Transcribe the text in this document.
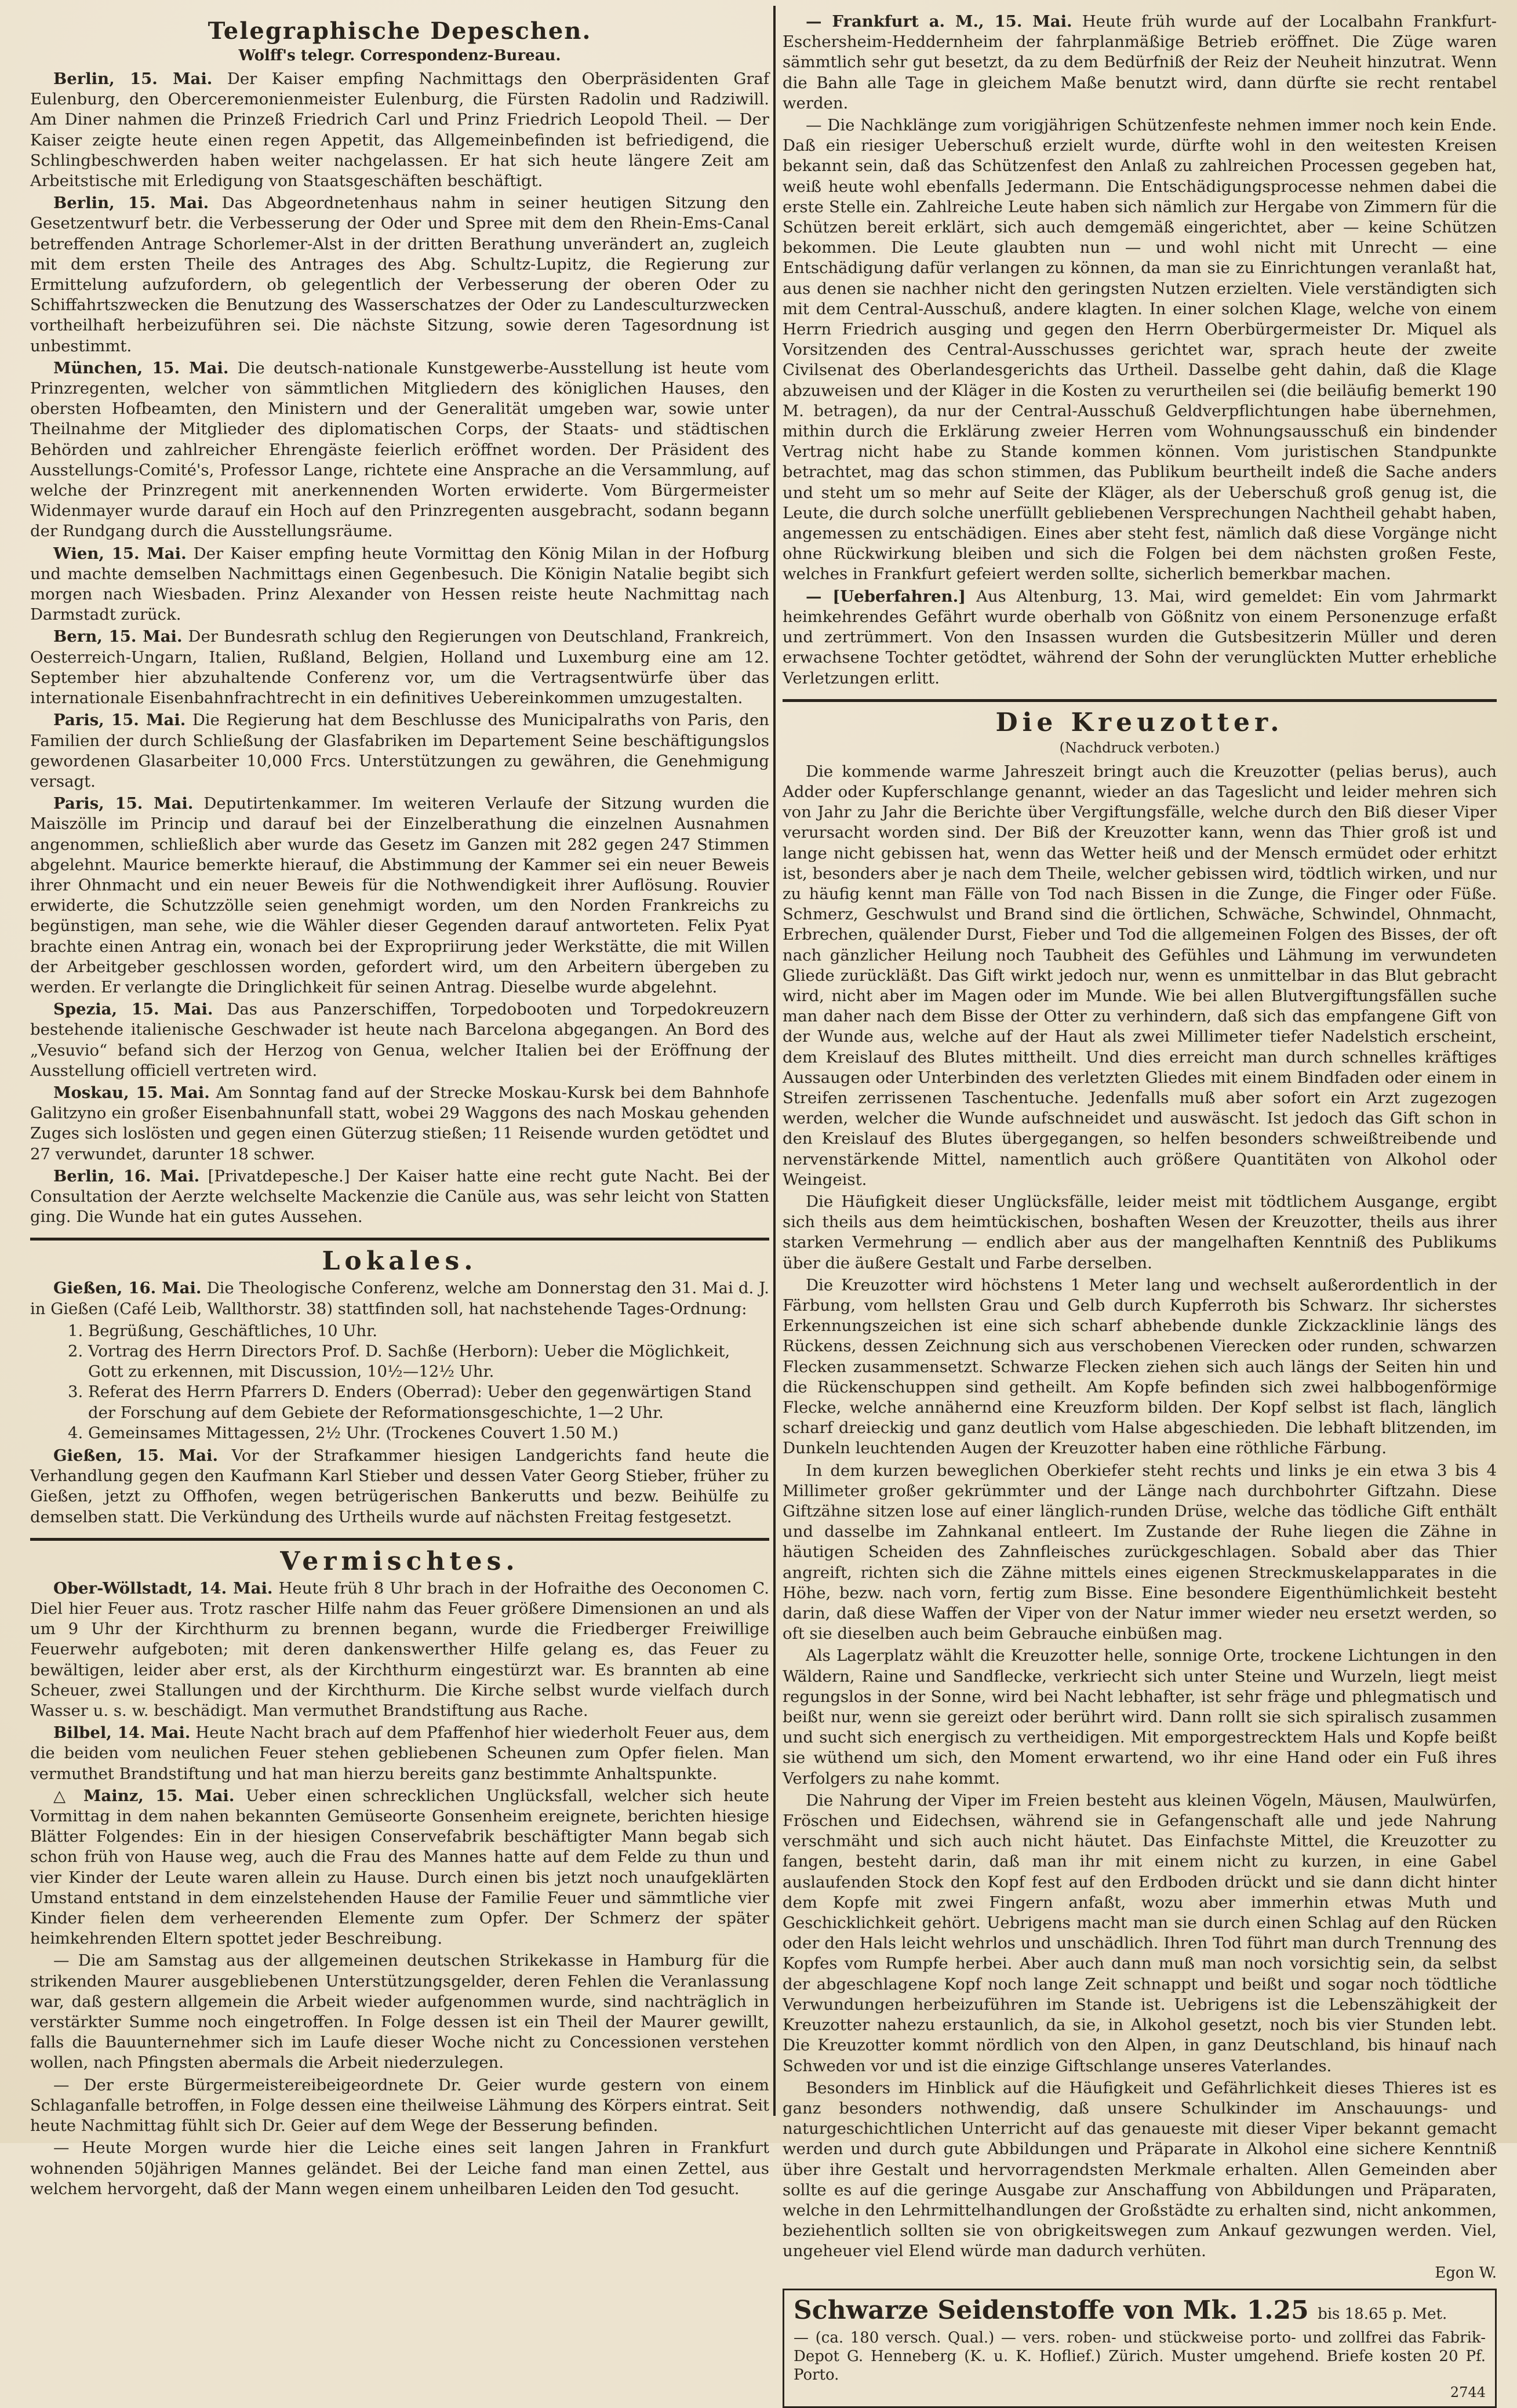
Telegraphische Depeschen.
Wolff's telegr. Correspondenz-Bureau.

Berlin, 15. Mai. Der Kaiser empfing Nachmittags den Oberpräsidenten Graf Eulenburg, den Oberceremonienmeister Eulenburg, die Fürsten Radolin und Radziwill. Am Diner nahmen die Prinzeß Friedrich Carl und Prinz Friedrich Leopold Theil. — Der Kaiser zeigte heute einen regen Appetit, das Allgemeinbefinden ist befriedigend, die Schlingbeschwerden haben weiter nachgelassen. Er hat sich heute längere Zeit am Arbeitstische mit Erledigung von Staatsgeschäften beschäftigt.

Berlin, 15. Mai. Das Abgeordnetenhaus nahm in seiner heutigen Sitzung den Gesetzentwurf betr. die Verbesserung der Oder und Spree mit dem den Rhein-Ems-Canal betreffenden Antrage Schorlemer-Alst in der dritten Berathung unverändert an, zugleich mit dem ersten Theile des Antrages des Abg. Schultz-Lupitz, die Regierung zur Ermittelung aufzufordern, ob gelegentlich der Verbesserung der oberen Oder zu Schiffahrtszwecken die Benutzung des Wasserschatzes der Oder zu Landesculturzwecken vortheilhaft herbeizuführen sei. Die nächste Sitzung, sowie deren Tagesordnung ist unbestimmt.

München, 15. Mai. Die deutsch-nationale Kunstgewerbe-Ausstellung ist heute vom Prinzregenten, welcher von sämmtlichen Mitgliedern des königlichen Hauses, den obersten Hofbeamten, den Ministern und der Generalität umgeben war, sowie unter Theilnahme der Mitglieder des diplomatischen Corps, der Staats- und städtischen Behörden und zahlreicher Ehrengäste feierlich eröffnet worden. Der Präsident des Ausstellungs-Comité's, Professor Lange, richtete eine Ansprache an die Versammlung, auf welche der Prinzregent mit anerkennenden Worten erwiderte. Vom Bürgermeister Widenmayer wurde darauf ein Hoch auf den Prinzregenten ausgebracht, sodann begann der Rundgang durch die Ausstellungsräume.

Wien, 15. Mai. Der Kaiser empfing heute Vormittag den König Milan in der Hofburg und machte demselben Nachmittags einen Gegenbesuch. Die Königin Natalie begibt sich morgen nach Wiesbaden. Prinz Alexander von Hessen reiste heute Nachmittag nach Darmstadt zurück.

Bern, 15. Mai. Der Bundesrath schlug den Regierungen von Deutschland, Frankreich, Oesterreich-Ungarn, Italien, Rußland, Belgien, Holland und Luxemburg eine am 12. September hier abzuhaltende Conferenz vor, um die Vertragsentwürfe über das internationale Eisenbahnfrachtrecht in ein definitives Uebereinkommen umzugestalten.

Paris, 15. Mai. Die Regierung hat dem Beschlusse des Municipalraths von Paris, den Familien der durch Schließung der Glasfabriken im Departement Seine beschäftigungslos gewordenen Glasarbeiter 10,000 Frcs. Unterstützungen zu gewähren, die Genehmigung versagt.

Paris, 15. Mai. Deputirtenkammer. Im weiteren Verlaufe der Sitzung wurden die Maiszölle im Princip und darauf bei der Einzelberathung die einzelnen Ausnahmen angenommen, schließlich aber wurde das Gesetz im Ganzen mit 282 gegen 247 Stimmen abgelehnt. Maurice bemerkte hierauf, die Abstimmung der Kammer sei ein neuer Beweis ihrer Ohnmacht und ein neuer Beweis für die Nothwendigkeit ihrer Auflösung. Rouvier erwiderte, die Schutzzölle seien genehmigt worden, um den Norden Frankreichs zu begünstigen, man sehe, wie die Wähler dieser Gegenden darauf antworteten. Felix Pyat brachte einen Antrag ein, wonach bei der Expropriirung jeder Werkstätte, die mit Willen der Arbeitgeber geschlossen worden, gefordert wird, um den Arbeitern übergeben zu werden. Er verlangte die Dringlichkeit für seinen Antrag. Dieselbe wurde abgelehnt.

Spezia, 15. Mai. Das aus Panzerschiffen, Torpedobooten und Torpedokreuzern bestehende italienische Geschwader ist heute nach Barcelona abgegangen. An Bord des „Vesuvio“ befand sich der Herzog von Genua, welcher Italien bei der Eröffnung der Ausstellung officiell vertreten wird.

Moskau, 15. Mai. Am Sonntag fand auf der Strecke Moskau-Kursk bei dem Bahnhofe Galitzyno ein großer Eisenbahnunfall statt, wobei 29 Waggons des nach Moskau gehenden Zuges sich loslösten und gegen einen Güterzug stießen; 11 Reisende wurden getödtet und 27 verwundet, darunter 18 schwer.

Berlin, 16. Mai. [Privatdepesche.] Der Kaiser hatte eine recht gute Nacht. Bei der Consultation der Aerzte welchselte Mackenzie die Canüle aus, was sehr leicht von Statten ging. Die Wunde hat ein gutes Aussehen.

Lokales.

Gießen, 16. Mai. Die Theologische Conferenz, welche am Donnerstag den 31. Mai d. J. in Gießen (Café Leib, Wallthorstr. 38) stattfinden soll, hat nachstehende Tages-Ordnung:

1. Begrüßung, Geschäftliches, 10 Uhr.
2. Vortrag des Herrn Directors Prof. D. Sachße (Herborn): Ueber die Möglichkeit, Gott zu erkennen, mit Discussion, 10½—12½ Uhr.
3. Referat des Herrn Pfarrers D. Enders (Oberrad): Ueber den gegenwärtigen Stand der Forschung auf dem Gebiete der Reformationsgeschichte, 1—2 Uhr.
4. Gemeinsames Mittagessen, 2½ Uhr. (Trockenes Couvert 1.50 M.)

Gießen, 15. Mai. Vor der Strafkammer hiesigen Landgerichts fand heute die Verhandlung gegen den Kaufmann Karl Stieber und dessen Vater Georg Stieber, früher zu Gießen, jetzt zu Offhofen, wegen betrügerischen Bankerutts und bezw. Beihülfe zu demselben statt. Die Verkündung des Urtheils wurde auf nächsten Freitag festgesetzt.

Vermischtes.

Ober-Wöllstadt, 14. Mai. Heute früh 8 Uhr brach in der Hofraithe des Oeconomen C. Diel hier Feuer aus. Trotz rascher Hilfe nahm das Feuer größere Dimensionen an und als um 9 Uhr der Kirchthurm zu brennen begann, wurde die Friedberger Freiwillige Feuerwehr aufgeboten; mit deren dankenswerther Hilfe gelang es, das Feuer zu bewältigen, leider aber erst, als der Kirchthurm eingestürzt war. Es brannten ab eine Scheuer, zwei Stallungen und der Kirchthurm. Die Kirche selbst wurde vielfach durch Wasser u. s. w. beschädigt. Man vermuthet Brandstiftung aus Rache.

Bilbel, 14. Mai. Heute Nacht brach auf dem Pfaffenhof hier wiederholt Feuer aus, dem die beiden vom neulichen Feuer stehen gebliebenen Scheunen zum Opfer fielen. Man vermuthet Brandstiftung und hat man hierzu bereits ganz bestimmte Anhaltspunkte.

△ Mainz, 15. Mai. Ueber einen schrecklichen Unglücksfall, welcher sich heute Vormittag in dem nahen bekannten Gemüseorte Gonsenheim ereignete, berichten hiesige Blätter Folgendes: Ein in der hiesigen Conservefabrik beschäftigter Mann begab sich schon früh von Hause weg, auch die Frau des Mannes hatte auf dem Felde zu thun und vier Kinder der Leute waren allein zu Hause. Durch einen bis jetzt noch unaufgeklärten Umstand entstand in dem einzelstehenden Hause der Familie Feuer und sämmtliche vier Kinder fielen dem verheerenden Elemente zum Opfer. Der Schmerz der später heimkehrenden Eltern spottet jeder Beschreibung.

— Die am Samstag aus der allgemeinen deutschen Strikekasse in Hamburg für die strikenden Maurer ausgebliebenen Unterstützungsgelder, deren Fehlen die Veranlassung war, daß gestern allgemein die Arbeit wieder aufgenommen wurde, sind nachträglich in verstärkter Summe noch eingetroffen. In Folge dessen ist ein Theil der Maurer gewillt, falls die Bauunternehmer sich im Laufe dieser Woche nicht zu Concessionen verstehen wollen, nach Pfingsten abermals die Arbeit niederzulegen.

— Der erste Bürgermeistereibeigeordnete Dr. Geier wurde gestern von einem Schlaganfalle betroffen, in Folge dessen eine theilweise Lähmung des Körpers eintrat. Seit heute Nachmittag fühlt sich Dr. Geier auf dem Wege der Besserung befinden.

— Heute Morgen wurde hier die Leiche eines seit langen Jahren in Frankfurt wohnenden 50jährigen Mannes geländet. Bei der Leiche fand man einen Zettel, aus welchem hervorgeht, daß der Mann wegen einem unheilbaren Leiden den Tod gesucht.

— Frankfurt a. M., 15. Mai. Heute früh wurde auf der Localbahn Frankfurt-Eschersheim-Heddernheim der fahrplanmäßige Betrieb eröffnet. Die Züge waren sämmtlich sehr gut besetzt, da zu dem Bedürfniß der Reiz der Neuheit hinzutrat. Wenn die Bahn alle Tage in gleichem Maße benutzt wird, dann dürfte sie recht rentabel werden.

— Die Nachklänge zum vorigjährigen Schützenfeste nehmen immer noch kein Ende. Daß ein riesiger Ueberschuß erzielt wurde, dürfte wohl in den weitesten Kreisen bekannt sein, daß das Schützenfest den Anlaß zu zahlreichen Processen gegeben hat, weiß heute wohl ebenfalls Jedermann. Die Entschädigungsprocesse nehmen dabei die erste Stelle ein. Zahlreiche Leute haben sich nämlich zur Hergabe von Zimmern für die Schützen bereit erklärt, sich auch demgemäß eingerichtet, aber — keine Schützen bekommen. Die Leute glaubten nun — und wohl nicht mit Unrecht — eine Entschädigung dafür verlangen zu können, da man sie zu Einrichtungen veranlaßt hat, aus denen sie nachher nicht den geringsten Nutzen erzielten. Viele verständigten sich mit dem Central-Ausschuß, andere klagten. In einer solchen Klage, welche von einem Herrn Friedrich ausging und gegen den Herrn Oberbürgermeister Dr. Miquel als Vorsitzenden des Central-Ausschusses gerichtet war, sprach heute der zweite Civilsenat des Oberlandesgerichts das Urtheil. Dasselbe geht dahin, daß die Klage abzuweisen und der Kläger in die Kosten zu verurtheilen sei (die beiläufig bemerkt 190 M. betragen), da nur der Central-Ausschuß Geldverpflichtungen habe übernehmen, mithin durch die Erklärung zweier Herren vom Wohnungsausschuß ein bindender Vertrag nicht habe zu Stande kommen können. Vom juristischen Standpunkte betrachtet, mag das schon stimmen, das Publikum beurtheilt indeß die Sache anders und steht um so mehr auf Seite der Kläger, als der Ueberschuß groß genug ist, die Leute, die durch solche unerfüllt gebliebenen Versprechungen Nachtheil gehabt haben, angemessen zu entschädigen. Eines aber steht fest, nämlich daß diese Vorgänge nicht ohne Rückwirkung bleiben und sich die Folgen bei dem nächsten großen Feste, welches in Frankfurt gefeiert werden sollte, sicherlich bemerkbar machen.

— [Ueberfahren.] Aus Altenburg, 13. Mai, wird gemeldet: Ein vom Jahrmarkt heimkehrendes Gefährt wurde oberhalb von Gößnitz von einem Personenzuge erfaßt und zertrümmert. Von den Insassen wurden die Gutsbesitzerin Müller und deren erwachsene Tochter getödtet, während der Sohn der verunglückten Mutter erhebliche Verletzungen erlitt.

Die Kreuzotter.
(Nachdruck verboten.)

Die kommende warme Jahreszeit bringt auch die Kreuzotter (pelias berus), auch Adder oder Kupferschlange genannt, wieder an das Tageslicht und leider mehren sich von Jahr zu Jahr die Berichte über Vergiftungsfälle, welche durch den Biß dieser Viper verursacht worden sind. Der Biß der Kreuzotter kann, wenn das Thier groß ist und lange nicht gebissen hat, wenn das Wetter heiß und der Mensch ermüdet oder erhitzt ist, besonders aber je nach dem Theile, welcher gebissen wird, tödtlich wirken, und nur zu häufig kennt man Fälle von Tod nach Bissen in die Zunge, die Finger oder Füße. Schmerz, Geschwulst und Brand sind die örtlichen, Schwäche, Schwindel, Ohnmacht, Erbrechen, quälender Durst, Fieber und Tod die allgemeinen Folgen des Bisses, der oft nach gänzlicher Heilung noch Taubheit des Gefühles und Lähmung im verwundeten Gliede zurückläßt. Das Gift wirkt jedoch nur, wenn es unmittelbar in das Blut gebracht wird, nicht aber im Magen oder im Munde. Wie bei allen Blutvergiftungsfällen suche man daher nach dem Bisse der Otter zu verhindern, daß sich das empfangene Gift von der Wunde aus, welche auf der Haut als zwei Millimeter tiefer Nadelstich erscheint, dem Kreislauf des Blutes mittheilt. Und dies erreicht man durch schnelles kräftiges Aussaugen oder Unterbinden des verletzten Gliedes mit einem Bindfaden oder einem in Streifen zerrissenen Taschentuche. Jedenfalls muß aber sofort ein Arzt zugezogen werden, welcher die Wunde aufschneidet und auswäscht. Ist jedoch das Gift schon in den Kreislauf des Blutes übergegangen, so helfen besonders schweißtreibende und nervenstärkende Mittel, namentlich auch größere Quantitäten von Alkohol oder Weingeist.

Die Häufigkeit dieser Unglücksfälle, leider meist mit tödtlichem Ausgange, ergibt sich theils aus dem heimtückischen, boshaften Wesen der Kreuzotter, theils aus ihrer starken Vermehrung — endlich aber aus der mangelhaften Kenntniß des Publikums über die äußere Gestalt und Farbe derselben.

Die Kreuzotter wird höchstens 1 Meter lang und wechselt außerordentlich in der Färbung, vom hellsten Grau und Gelb durch Kupferroth bis Schwarz. Ihr sicherstes Erkennungszeichen ist eine sich scharf abhebende dunkle Zickzacklinie längs des Rückens, dessen Zeichnung sich aus verschobenen Vierecken oder runden, schwarzen Flecken zusammensetzt. Schwarze Flecken ziehen sich auch längs der Seiten hin und die Rückenschuppen sind getheilt. Am Kopfe befinden sich zwei halbbogenförmige Flecke, welche annähernd eine Kreuzform bilden. Der Kopf selbst ist flach, länglich scharf dreieckig und ganz deutlich vom Halse abgeschieden. Die lebhaft blitzenden, im Dunkeln leuchtenden Augen der Kreuzotter haben eine röthliche Färbung.

In dem kurzen beweglichen Oberkiefer steht rechts und links je ein etwa 3 bis 4 Millimeter großer gekrümmter und der Länge nach durchbohrter Giftzahn. Diese Giftzähne sitzen lose auf einer länglich-runden Drüse, welche das tödliche Gift enthält und dasselbe im Zahnkanal entleert. Im Zustande der Ruhe liegen die Zähne in häutigen Scheiden des Zahnfleisches zurückgeschlagen. Sobald aber das Thier angreift, richten sich die Zähne mittels eines eigenen Streckmuskelapparates in die Höhe, bezw. nach vorn, fertig zum Bisse. Eine besondere Eigenthümlichkeit besteht darin, daß diese Waffen der Viper von der Natur immer wieder neu ersetzt werden, so oft sie dieselben auch beim Gebrauche einbüßen mag.

Als Lagerplatz wählt die Kreuzotter helle, sonnige Orte, trockene Lichtungen in den Wäldern, Raine und Sandflecke, verkriecht sich unter Steine und Wurzeln, liegt meist regungslos in der Sonne, wird bei Nacht lebhafter, ist sehr fräge und phlegmatisch und beißt nur, wenn sie gereizt oder berührt wird. Dann rollt sie sich spiralisch zusammen und sucht sich energisch zu vertheidigen. Mit emporgestrecktem Hals und Kopfe beißt sie wüthend um sich, den Moment erwartend, wo ihr eine Hand oder ein Fuß ihres Verfolgers zu nahe kommt.

Die Nahrung der Viper im Freien besteht aus kleinen Vögeln, Mäusen, Maulwürfen, Fröschen und Eidechsen, während sie in Gefangenschaft alle und jede Nahrung verschmäht und sich auch nicht häutet. Das Einfachste Mittel, die Kreuzotter zu fangen, besteht darin, daß man ihr mit einem nicht zu kurzen, in eine Gabel auslaufenden Stock den Kopf fest auf den Erdboden drückt und sie dann dicht hinter dem Kopfe mit zwei Fingern anfaßt, wozu aber immerhin etwas Muth und Geschicklichkeit gehört. Uebrigens macht man sie durch einen Schlag auf den Rücken oder den Hals leicht wehrlos und unschädlich. Ihren Tod führt man durch Trennung des Kopfes vom Rumpfe herbei. Aber auch dann muß man noch vorsichtig sein, da selbst der abgeschlagene Kopf noch lange Zeit schnappt und beißt und sogar noch tödtliche Verwundungen herbeizuführen im Stande ist. Uebrigens ist die Lebenszähigkeit der Kreuzotter nahezu erstaunlich, da sie, in Alkohol gesetzt, noch bis vier Stunden lebt. Die Kreuzotter kommt nördlich von den Alpen, in ganz Deutschland, bis hinauf nach Schweden vor und ist die einzige Giftschlange unseres Vaterlandes.

Besonders im Hinblick auf die Häufigkeit und Gefährlichkeit dieses Thieres ist es ganz besonders nothwendig, daß unsere Schulkinder im Anschauungs- und naturgeschichtlichen Unterricht auf das genaueste mit dieser Viper bekannt gemacht werden und durch gute Abbildungen und Präparate in Alkohol eine sichere Kenntniß über ihre Gestalt und hervorragendsten Merkmale erhalten. Allen Gemeinden aber sollte es auf die geringe Ausgabe zur Anschaffung von Abbildungen und Präparaten, welche in den Lehrmittelhandlungen der Großstädte zu erhalten sind, nicht ankommen, beziehentlich sollten sie von obrigkeitswegen zum Ankauf gezwungen werden. Viel, ungeheuer viel Elend würde man dadurch verhüten.

Egon W.
Schwarze Seidenstoffe von Mk. 1.25 bis 18.65 p. Met.
— (ca. 180 versch. Qual.) — vers. roben- und stückweise porto- und zollfrei das Fabrik-Depot G. Henneberg (K. u. K. Hoflief.) Zürich. Muster umgehend. Briefe kosten 20 Pf. Porto.
2744
